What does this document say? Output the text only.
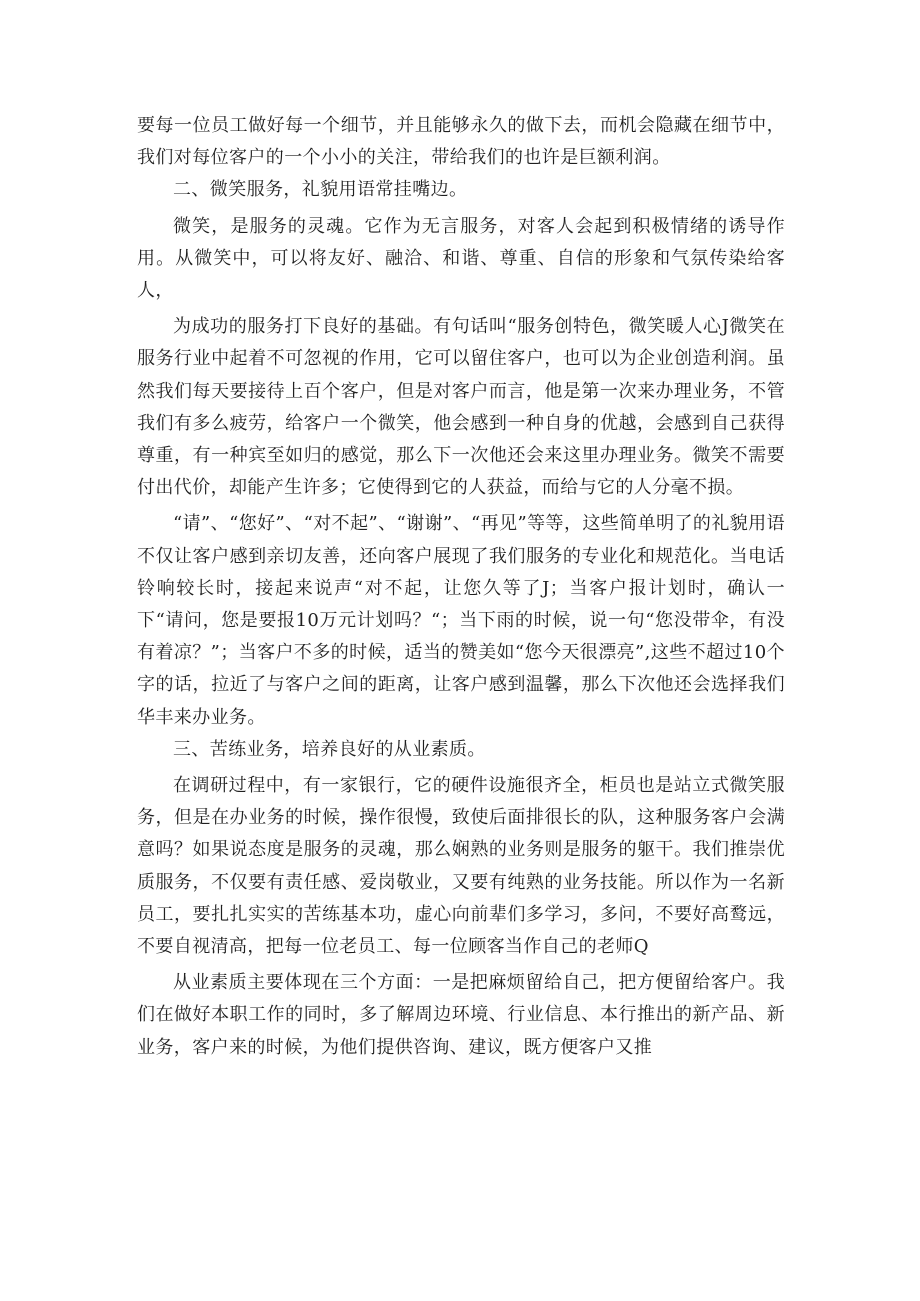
要每一位员工做好每一个细节，并且能够永久的做下去，而机会隐藏在细节中，我们对每位客户的一个小小的关注，带给我们的也许是巨额利润。

二、微笑服务，礼貌用语常挂嘴边。

微笑，是服务的灵魂。它作为无言服务，对客人会起到积极情绪的诱导作用。从微笑中，可以将友好、融洽、和谐、尊重、自信的形象和气氛传染给客人，

为成功的服务打下良好的基础。有句话叫“服务创特色，微笑暖人心J微笑在服务行业中起着不可忽视的作用，它可以留住客户，也可以为企业创造利润。虽然我们每天要接待上百个客户，但是对客户而言，他是第一次来办理业务，不管我们有多么疲劳，给客户一个微笑，他会感到一种自身的优越，会感到自己获得尊重，有一种宾至如归的感觉，那么下一次他还会来这里办理业务。微笑不需要付出代价，却能产生许多；它使得到它的人获益，而给与它的人分毫不损。

“请”、“您好”、“对不起”、“谢谢”、“再见”等等，这些简单明了的礼貌用语不仅让客户感到亲切友善，还向客户展现了我们服务的专业化和规范化。当电话铃响较长时，接起来说声“对不起，让您久等了J；当客户报计划时，确认一下“请问，您是要报10万元计划吗？“；当下雨的时候，说一句“您没带伞，有没有着凉？”；当客户不多的时候，适当的赞美如“您今天很漂亮”,这些不超过10个字的话，拉近了与客户之间的距离，让客户感到温馨，那么下次他还会选择我们华丰来办业务。

三、苦练业务，培养良好的从业素质。

在调研过程中，有一家银行，它的硬件设施很齐全，柜员也是站立式微笑服务，但是在办业务的时候，操作很慢，致使后面排很长的队，这种服务客户会满意吗？如果说态度是服务的灵魂，那么娴熟的业务则是服务的躯干。我们推崇优质服务，不仅要有责任感、爱岗敬业，又要有纯熟的业务技能。所以作为一名新员工，要扎扎实实的苦练基本功，虚心向前辈们多学习，多问，不要好高鹜远，不要自视清高，把每一位老员工、每一位顾客当作自己的老师Q

从业素质主要体现在三个方面：一是把麻烦留给自己，把方便留给客户。我们在做好本职工作的同时，多了解周边环境、行业信息、本行推出的新产品、新业务，客户来的时候，为他们提供咨询、建议，既方便客户又推
